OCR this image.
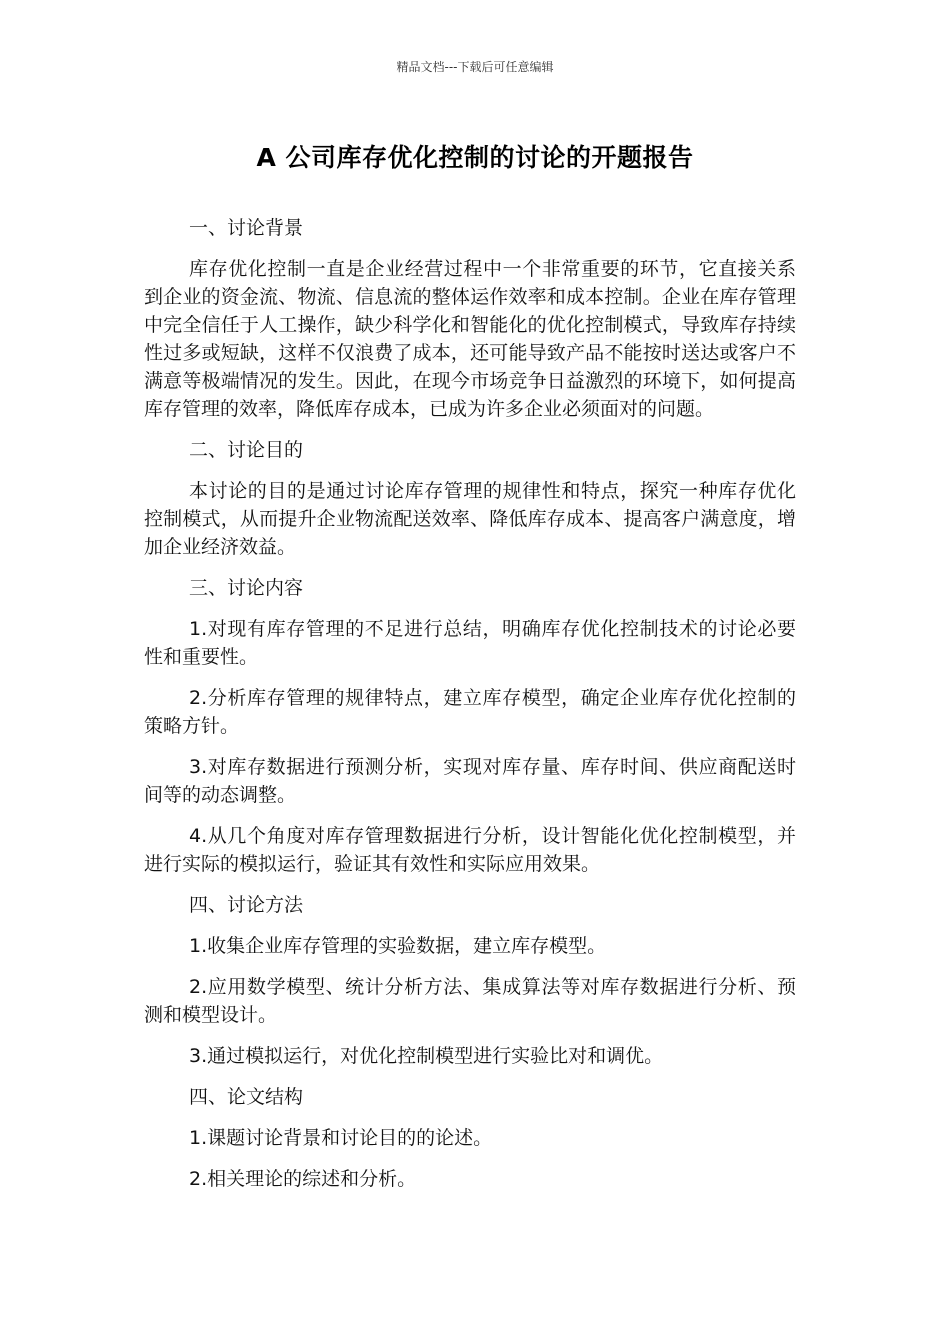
精品文档---下载后可任意编辑
A 公司库存优化控制的讨论的开题报告

一、讨论背景

库存优化控制一直是企业经营过程中一个非常重要的环节，它直接关系到企业的资金流、物流、信息流的整体运作效率和成本控制。企业在库存管理中完全信任于人工操作，缺少科学化和智能化的优化控制模式，导致库存持续性过多或短缺，这样不仅浪费了成本，还可能导致产品不能按时送达或客户不满意等极端情况的发生。因此，在现今市场竞争日益激烈的环境下，如何提高库存管理的效率，降低库存成本，已成为许多企业必须面对的问题。

二、讨论目的

本讨论的目的是通过讨论库存管理的规律性和特点，探究一种库存优化控制模式，从而提升企业物流配送效率、降低库存成本、提高客户满意度，增加企业经济效益。

三、讨论内容

1.对现有库存管理的不足进行总结，明确库存优化控制技术的讨论必要性和重要性。

2.分析库存管理的规律特点，建立库存模型，确定企业库存优化控制的策略方针。

3.对库存数据进行预测分析，实现对库存量、库存时间、供应商配送时间等的动态调整。

4.从几个角度对库存管理数据进行分析，设计智能化优化控制模型，并进行实际的模拟运行，验证其有效性和实际应用效果。

四、讨论方法

1.收集企业库存管理的实验数据，建立库存模型。

2.应用数学模型、统计分析方法、集成算法等对库存数据进行分析、预测和模型设计。

3.通过模拟运行，对优化控制模型进行实验比对和调优。

四、论文结构

1.课题讨论背景和讨论目的的论述。

2.相关理论的综述和分析。
